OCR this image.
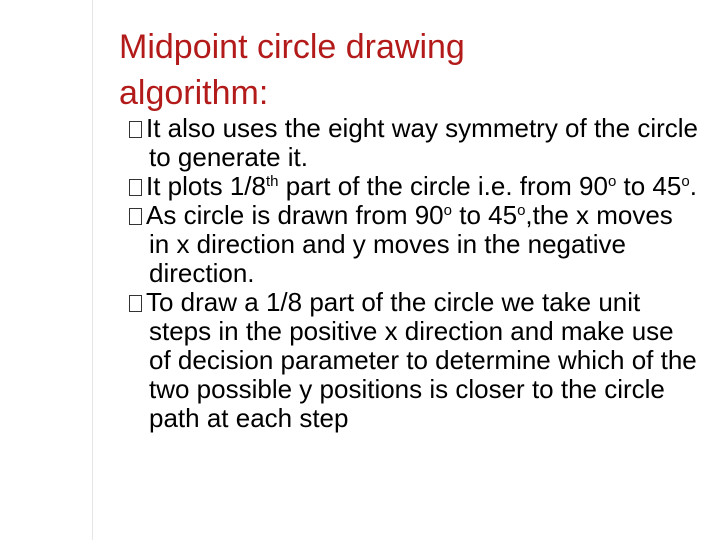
Midpoint circle drawing
algorithm:
It also uses the eight way symmetry of the circle to generate it.
It plots 1/8th part of the circle i.e. from 90$^o$ to 45$^o$.
As circle is drawn from 90$^o$ to 45$^o$,the x moves in x direction and y moves in the negative direction.
To draw a 1/8 part of the circle we take unit steps in the positive x direction and make use of decision parameter to determine which of the two possible y positions is closer to the circle path at each step
